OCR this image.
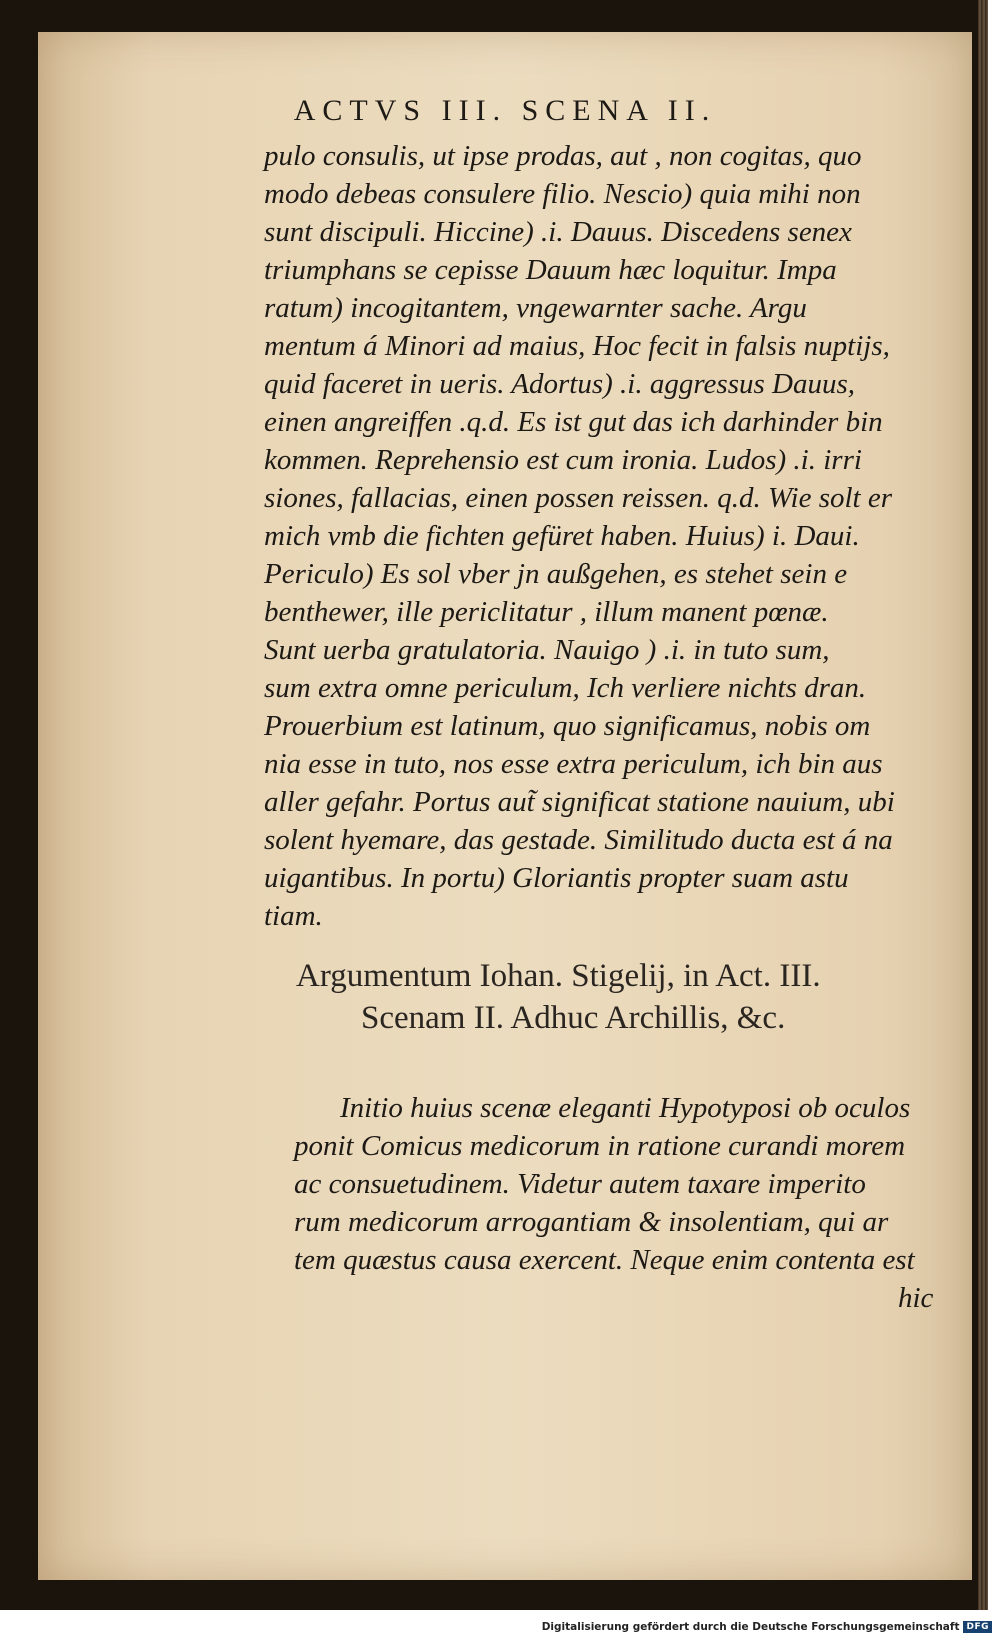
ACTVS III. SCENA II.
pulo consulis, ut ipse prodas, aut , non cogitas, quo
modo debeas consulere filio. Nescio) quia mihi non
sunt discipuli. Hiccine) .i. Dauus. Discedens senex
triumphans se cepisse Dauum hæc loquitur. Impa
ratum) incogitantem, vngewarnter sache. Argu
mentum á Minori ad maius, Hoc fecit in falsis nuptijs,
quid faceret in ueris. Adortus) .i. aggressus Dauus,
einen angreiffen .q.d. Es ist gut das ich darhinder bin
kommen. Reprehensio est cum ironia. Ludos) .i. irri
siones, fallacias, einen possen reissen. q.d. Wie solt er
mich vmb die fichten gefüret haben. Huius) i. Daui.
Periculo) Es sol vber jn außgehen, es stehet sein e
benthewer, ille periclitatur , illum manent pœnæ.
Sunt uerba gratulatoria. Nauigo ) .i. in tuto sum,
sum extra omne periculum, Ich verliere nichts dran.
Prouerbium est latinum, quo significamus, nobis om
nia esse in tuto, nos esse extra periculum, ich bin aus
aller gefahr. Portus aut̃ significat statione nauium, ubi
solent hyemare, das gestade. Similitudo ducta est á na
uigantibus. In portu) Gloriantis propter suam astu
tiam.
Argumentum Iohan. Stigelij, in Act. III.
Scenam II. Adhuc Archillis, &c.
Initio huius scenæ eleganti Hypotyposi ob oculos
ponit Comicus medicorum in ratione curandi morem
ac consuetudinem. Videtur autem taxare imperito
rum medicorum arrogantiam & insolentiam, qui ar
tem quæstus causa exercent. Neque enim contenta est
hic
Digitalisierung gefördert durch die Deutsche Forschungsgemeinschaft DFG
